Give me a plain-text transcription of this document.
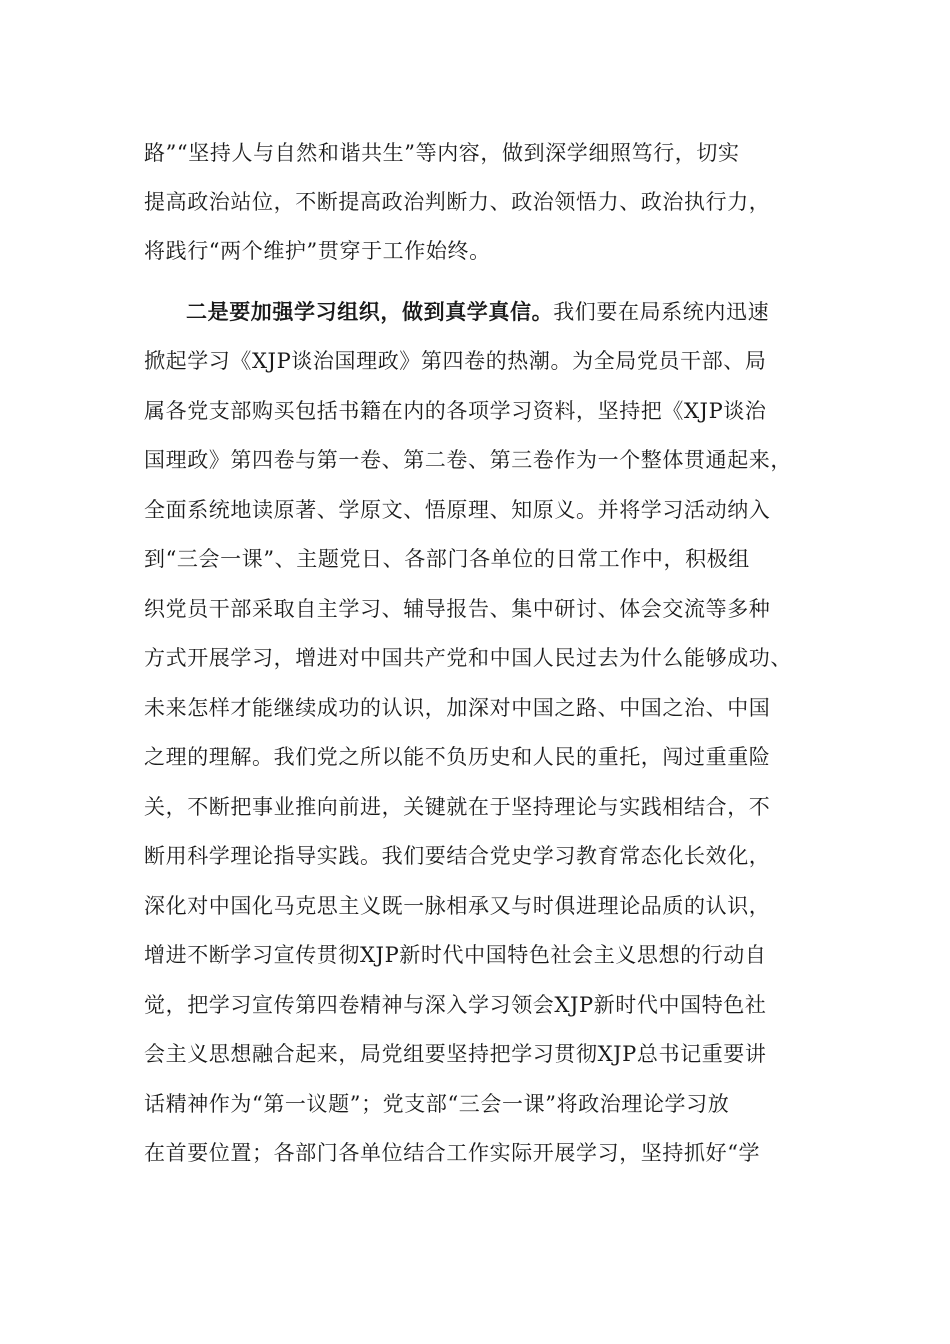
路”“坚持人与自然和谐共生”等内容，做到深学细照笃行，切实
提高政治站位，不断提高政治判断力、政治领悟力、政治执行力，
将践行“两个维护”贯穿于工作始终。
二是要加强学习组织，做到真学真信。我们要在局系统内迅速
掀起学习《XJP谈治国理政》第四卷的热潮。为全局党员干部、局
属各党支部购买包括书籍在内的各项学习资料，坚持把《XJP谈治
国理政》第四卷与第一卷、第二卷、第三卷作为一个整体贯通起来，
全面系统地读原著、学原文、悟原理、知原义。并将学习活动纳入
到“三会一课”、主题党日、各部门各单位的日常工作中，积极组
织党员干部采取自主学习、辅导报告、集中研讨、体会交流等多种
方式开展学习，增进对中国共产党和中国人民过去为什么能够成功、
未来怎样才能继续成功的认识，加深对中国之路、中国之治、中国
之理的理解。我们党之所以能不负历史和人民的重托，闯过重重险
关，不断把事业推向前进，关键就在于坚持理论与实践相结合，不
断用科学理论指导实践。我们要结合党史学习教育常态化长效化，
深化对中国化马克思主义既一脉相承又与时俱进理论品质的认识，
增进不断学习宣传贯彻XJP新时代中国特色社会主义思想的行动自
觉，把学习宣传第四卷精神与深入学习领会XJP新时代中国特色社
会主义思想融合起来，局党组要坚持把学习贯彻XJP总书记重要讲
话精神作为“第一议题”；党支部“三会一课”将政治理论学习放
在首要位置；各部门各单位结合工作实际开展学习，坚持抓好“学
